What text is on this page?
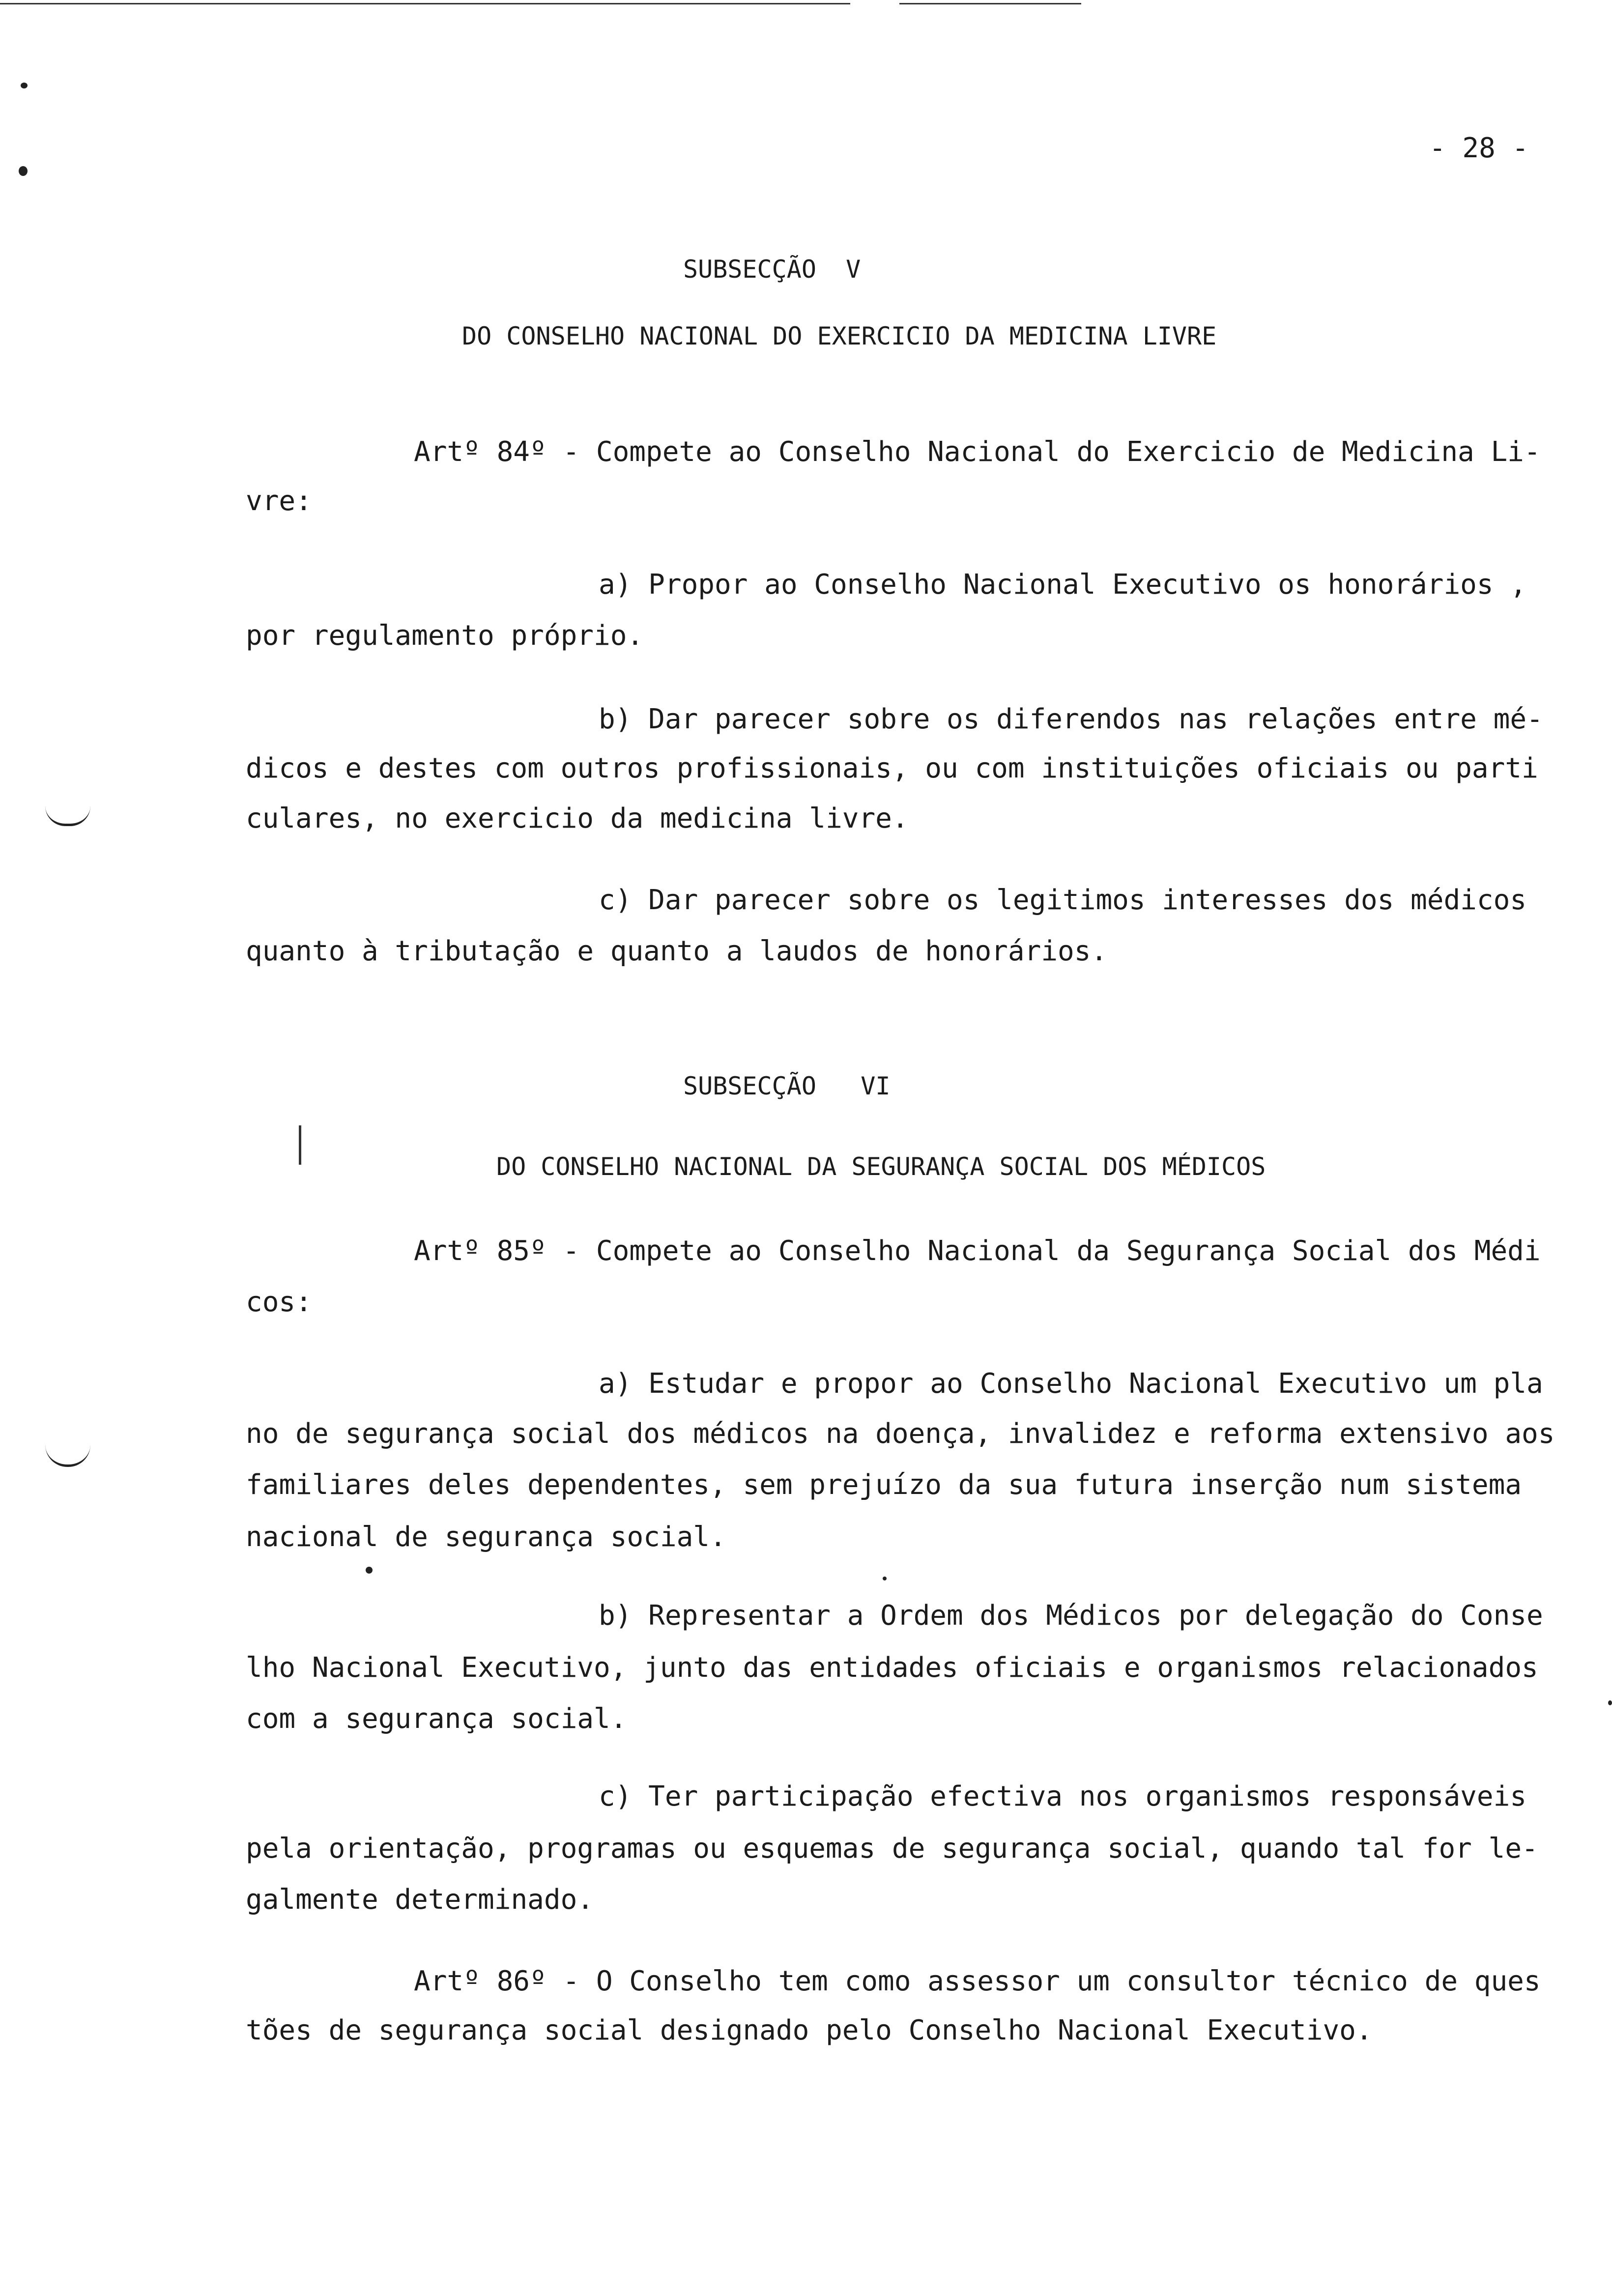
- 28 -
SUBSECÇÃO  V
DO CONSELHO NACIONAL DO EXERCICIO DA MEDICINA LIVRE
Artº 84º - Compete ao Conselho Nacional do Exercicio de Medicina Li-
vre:
a) Propor ao Conselho Nacional Executivo os honorários ,
por regulamento próprio.
b) Dar parecer sobre os diferendos nas relações entre mé-
dicos e destes com outros profissionais, ou com instituições oficiais ou parti
culares, no exercicio da medicina livre.
c) Dar parecer sobre os legitimos interesses dos médicos
quanto à tributação e quanto a laudos de honorários.
SUBSECÇÃO   VI
DO CONSELHO NACIONAL DA SEGURANÇA SOCIAL DOS MÉDICOS
Artº 85º - Compete ao Conselho Nacional da Segurança Social dos Médi
cos:
a) Estudar e propor ao Conselho Nacional Executivo um pla
no de segurança social dos médicos na doença, invalidez e reforma extensivo aos
familiares deles dependentes, sem prejuízo da sua futura inserção num sistema
nacional de segurança social.
b) Representar a Ordem dos Médicos por delegação do Conse
lho Nacional Executivo, junto das entidades oficiais e organismos relacionados
com a segurança social.
c) Ter participação efectiva nos organismos responsáveis
pela orientação, programas ou esquemas de segurança social, quando tal for le-
galmente determinado.
Artº 86º - O Conselho tem como assessor um consultor técnico de ques
tões de segurança social designado pelo Conselho Nacional Executivo.
